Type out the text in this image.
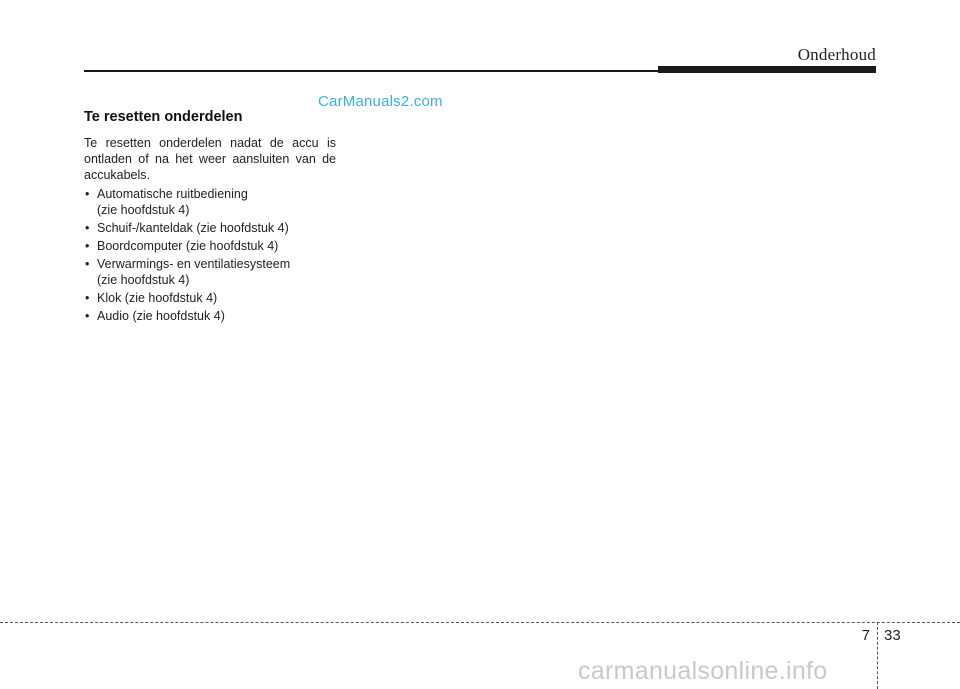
Onderhoud
CarManuals2.com
Te resetten onderdelen

Te resetten onderdelen nadat de accu is ontladen of na het weer aansluiten van de accukabels.

• Automatische ruitbediening
(zie hoofdstuk 4)
• Schuif-/kanteldak (zie hoofdstuk 4)
• Boordcomputer (zie hoofdstuk 4)
• Verwarmings- en ventilatiesysteem
(zie hoofdstuk 4)
• Klok (zie hoofdstuk 4)
• Audio (zie hoofdstuk 4)
7 33
carmanualsonline.info
